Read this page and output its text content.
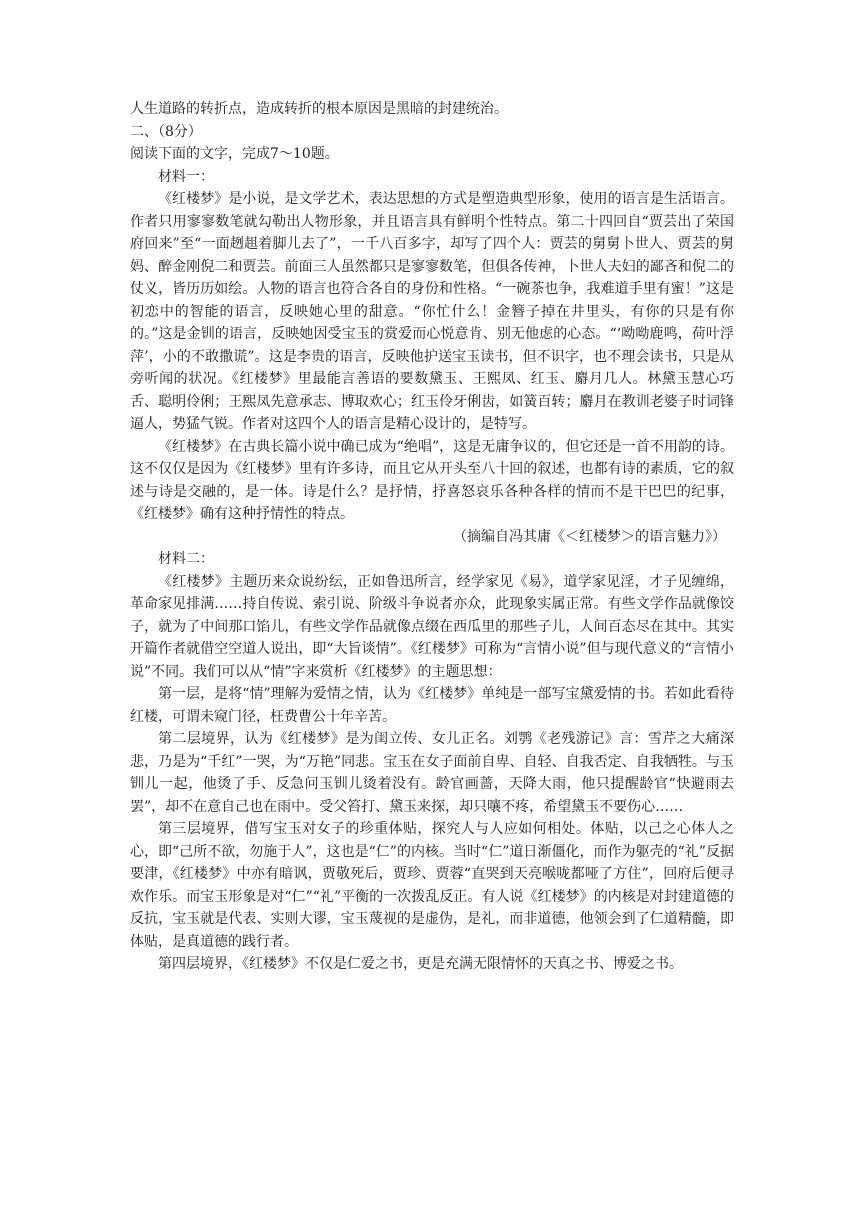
人生道路的转折点，造成转折的根本原因是黑暗的封建统治。

二、（8分）

阅读下面的文字，完成7～10题。

材料一：

《红楼梦》是小说，是文学艺术，表达思想的方式是塑造典型形象，使用的语言是生活语言。作者只用寥寥数笔就勾勒出人物形象，并且语言具有鲜明个性特点。第二十四回自“贾芸出了荣国府回来”至“一面趔趄着脚儿去了”，一千八百多字，却写了四个人：贾芸的舅舅卜世人、贾芸的舅妈、醉金刚倪二和贾芸。前面三人虽然都只是寥寥数笔，但俱各传神，卜世人夫妇的鄙吝和倪二的仗义，皆历历如绘。人物的语言也符合各自的身份和性格。“一碗茶也争，我难道手里有蜜！”这是初恋中的智能的语言，反映她心里的甜意。“你忙什么！金簪子掉在井里头，有你的只是有你的。”这是金钏的语言，反映她因受宝玉的赏爱而心悦意肯、别无他虑的心态。“‘呦呦鹿鸣，荷叶浮萍’，小的不敢撒谎”。这是李贵的语言，反映他护送宝玉读书，但不识字，也不理会读书，只是从旁听闻的状况。《红楼梦》里最能言善语的要数黛玉、王熙凤、红玉、麝月几人。林黛玉慧心巧舌、聪明伶俐；王熙凤先意承志、博取欢心；红玉伶牙俐齿，如簧百转；麝月在教训老婆子时词锋逼人，势猛气锐。作者对这四个人的语言是精心设计的，是特写。

《红楼梦》在古典长篇小说中确已成为“绝唱”，这是无庸争议的，但它还是一首不用韵的诗。这不仅仅是因为《红楼梦》里有许多诗，而且它从开头至八十回的叙述，也都有诗的素质，它的叙述与诗是交融的，是一体。诗是什么？是抒情，抒喜怒哀乐各种各样的情而不是干巴巴的纪事，《红楼梦》确有这种抒情性的特点。

（摘编自冯其庸《＜红楼梦＞的语言魅力》）

材料二：

《红楼梦》主题历来众说纷纭，正如鲁迅所言，经学家见《易》，道学家见淫，才子见缠绵，革命家见排满……持自传说、索引说、阶级斗争说者亦众，此现象实属正常。有些文学作品就像饺子，就为了中间那口馅儿，有些文学作品就像点缀在西瓜里的那些子儿，人间百态尽在其中。其实开篇作者就借空空道人说出，即“大旨谈情”。《红楼梦》可称为“言情小说”但与现代意义的“言情小说”不同。我们可以从“情”字来赏析《红楼梦》的主题思想：

第一层，是将“情”理解为爱情之情，认为《红楼梦》单纯是一部写宝黛爱情的书。若如此看待红楼，可谓未窥门径，枉费曹公十年辛苦。

第二层境界，认为《红楼梦》是为闺立传、女儿正名。刘鹗《老残游记》言：雪芹之大痛深悲，乃是为“千红”一哭，为“万艳”同悲。宝玉在女子面前自卑、自轻、自我否定、自我牺牲。与玉钏儿一起，他烫了手、反急问玉钏儿烫着没有。龄官画蔷，天降大雨，他只提醒龄官“快避雨去罢”，却不在意自己也在雨中。受父笞打、黛玉来探，却只嚷不疼，希望黛玉不要伤心……

第三层境界，借写宝玉对女子的珍重体贴，探究人与人应如何相处。体贴，以己之心体人之心，即“己所不欲，勿施于人”，这也是“仁”的内核。当时“仁”道日渐僵化，而作为躯壳的“礼”反据要津，《红楼梦》中亦有暗讽，贾敬死后，贾珍、贾蓉“直哭到天亮喉咙都哑了方住”，回府后便寻欢作乐。而宝玉形象是对“仁”“礼”平衡的一次拨乱反正。有人说《红楼梦》的内核是对封建道德的反抗，宝玉就是代表、实则大谬，宝玉蔑视的是虚伪，是礼，而非道德，他领会到了仁道精髓，即体贴，是真道德的践行者。

第四层境界，《红楼梦》不仅是仁爱之书，更是充满无限情怀的天真之书、博爱之书。
